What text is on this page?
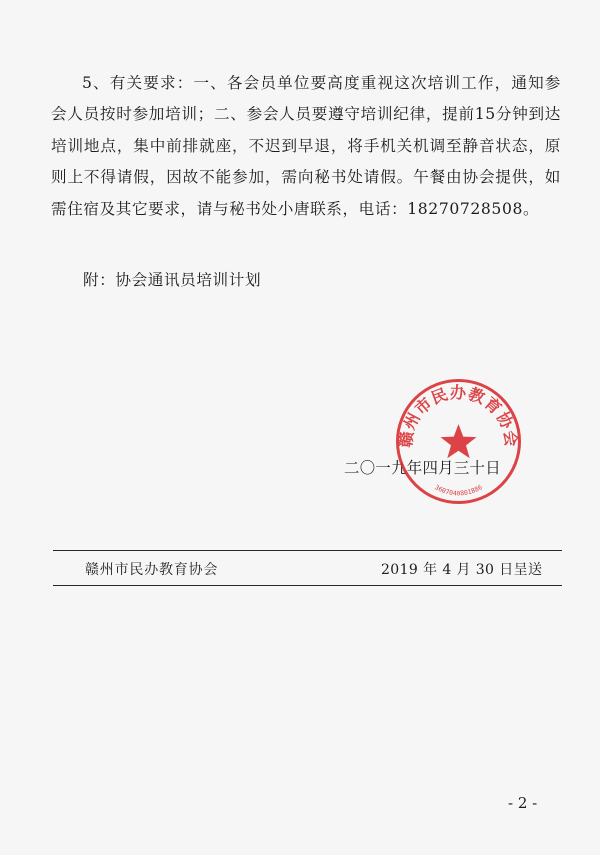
5、有关要求：一、各会员单位要高度重视这次培训工作，通知参会人员按时参加培训；二、参会人员要遵守培训纪律，提前15分钟到达培训地点，集中前排就座，不迟到早退，将手机关机调至静音状态，原则上不得请假，因故不能参加，需向秘书处请假。午餐由协会提供，如需住宿及其它要求，请与秘书处小唐联系，电话：18270728508。

附：协会通讯员培训计划

二〇一九年四月三十日

赣州市民办教育协会
3607040801886

赣州市民办教育协会	2019 年 4 月 30 日呈送

- 2 -
